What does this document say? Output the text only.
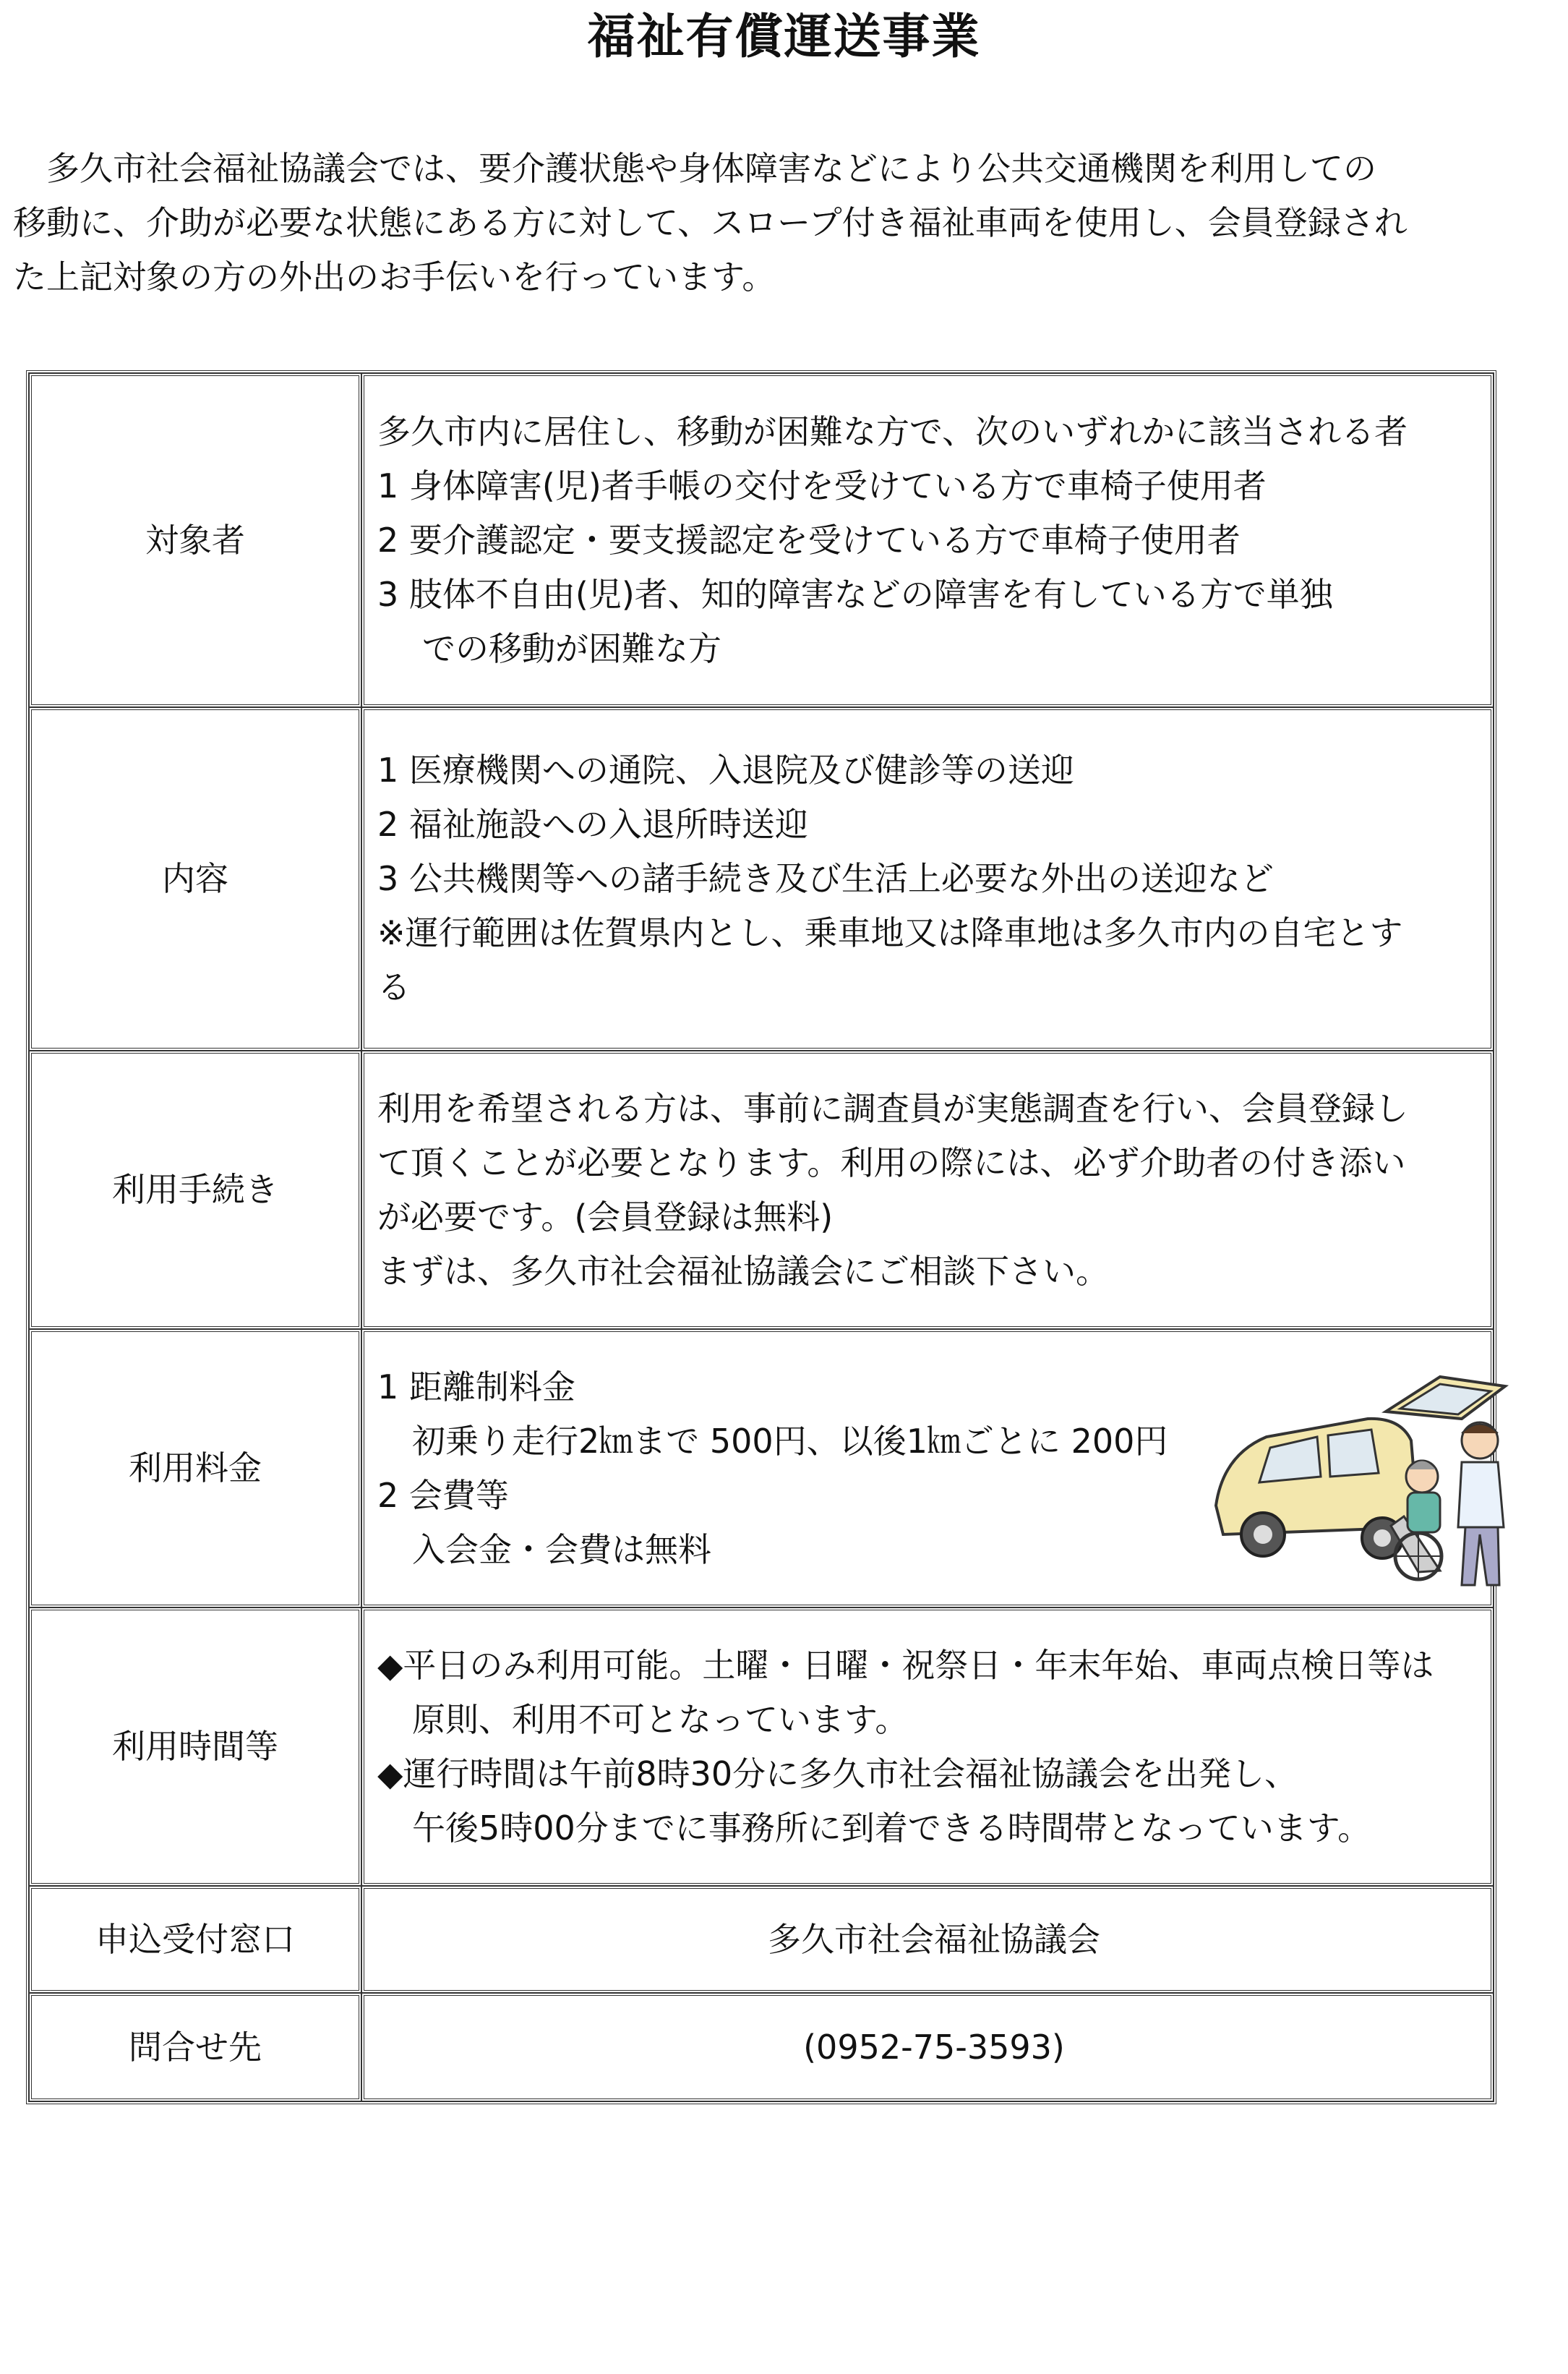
福祉有償運送事業

　多久市社会福祉協議会では、要介護状態や身体障害などにより公共交通機関を利用しての

移動に、介助が必要な状態にある方に対して、スロープ付き福祉車両を使用し、会員登録され

た上記対象の方の外出のお手伝いを行っています。

対象者	多久市内に居住し、移動が困難な方で、次のいずれかに該当される者
1 身体障害(児)者手帳の交付を受けている方で車椅子使用者
2 要介護認定・要支援認定を受けている方で車椅子使用者
3 肢体不自由(児)者、知的障害などの障害を有している方で単独
での移動が困難な方

内容	1 医療機関への通院、入退院及び健診等の送迎
2 福祉施設への入退所時送迎
3 公共機関等への諸手続き及び生活上必要な外出の送迎など
※運行範囲は佐賀県内とし、乗車地又は降車地は多久市内の自宅とす
る

利用手続き	利用を希望される方は、事前に調査員が実態調査を行い、会員登録し
て頂くことが必要となります。利用の際には、必ず介助者の付き添い
が必要です。(会員登録は無料)
まずは、多久市社会福祉協議会にご相談下さい。

利用料金	1 距離制料金
初乗り走行2㎞まで 500円、以後1㎞ごとに 200円
2 会費等
入会金・会費は無料

利用時間等	◆平日のみ利用可能。土曜・日曜・祝祭日・年末年始、車両点検日等は
原則、利用不可となっています。
◆運行時間は午前8時30分に多久市社会福祉協議会を出発し、
午後5時00分までに事務所に到着できる時間帯となっています。

申込受付窓口	多久市社会福祉協議会
問合せ先	(0952-75-3593)
